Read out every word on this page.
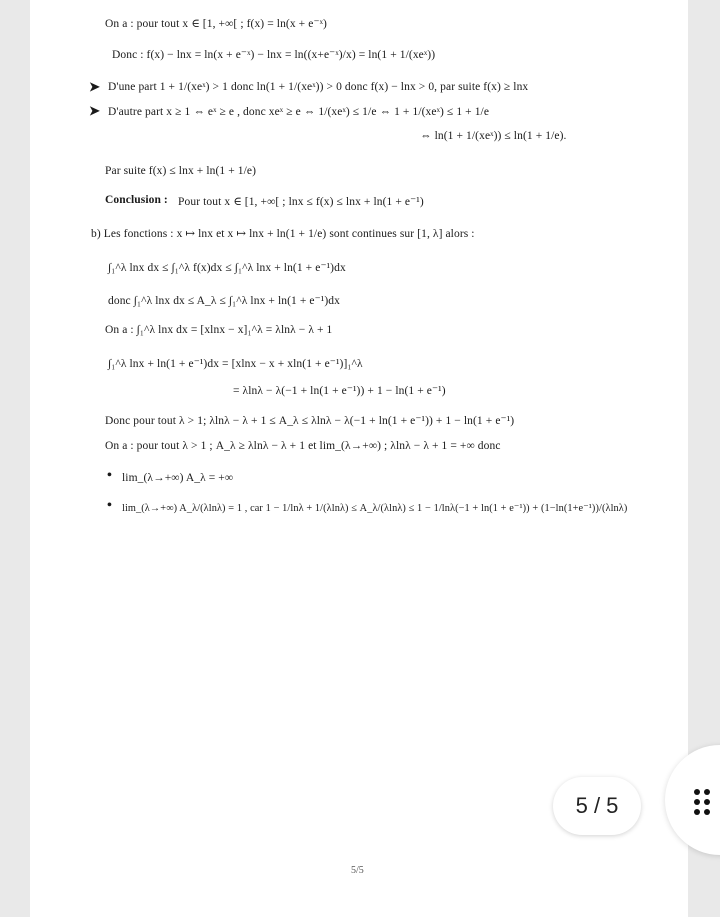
On a : pour tout x ∈ [1, +∞[ ; f(x) = ln(x + e⁻ˣ)
Donc : f(x) − lnx = ln(x + e⁻ˣ) − lnx = ln((x+e⁻ˣ)/x) = ln(1 + 1/(xeˣ))
➤ D'une part 1 + 1/(xeˣ) > 1 donc ln(1 + 1/(xeˣ)) > 0 donc f(x) − lnx > 0, par suite f(x) ≥ lnx
➤ D'autre part x ≥ 1 ⇔ eˣ ≥ e , donc xeˣ ≥ e ⇔ 1/(xeˣ) ≤ 1/e ⇔ 1 + 1/(xeˣ) ≤ 1 + 1/e
⇔ ln(1 + 1/(xeˣ)) ≤ ln(1 + 1/e).
Par suite f(x) ≤ lnx + ln(1 + 1/e)
Conclusion : Pour tout x ∈ [1, +∞[ ; lnx ≤ f(x) ≤ lnx + ln(1 + e⁻¹)
b) Les fonctions : x ↦ lnx et x ↦ lnx + ln(1 + 1/e) sont continues sur [1, λ] alors :
∫₁^λ lnx dx ≤ ∫₁^λ f(x)dx ≤ ∫₁^λ lnx + ln(1 + e⁻¹)dx
donc ∫₁^λ lnx dx ≤ A_λ ≤ ∫₁^λ lnx + ln(1 + e⁻¹)dx
On a : ∫₁^λ lnx dx = [xlnx − x]₁^λ = λlnλ − λ + 1
∫₁^λ lnx + ln(1 + e⁻¹)dx = [xlnx − x + xln(1 + e⁻¹)]₁^λ
= λlnλ − λ(−1 + ln(1 + e⁻¹)) + 1 − ln(1 + e⁻¹)
Donc pour tout λ > 1; λlnλ − λ + 1 ≤ A_λ ≤ λlnλ − λ(−1 + ln(1 + e⁻¹)) + 1 − ln(1 + e⁻¹)
On a : pour tout λ > 1 ; A_λ ≥ λlnλ − λ + 1 et lim_(λ→+∞) ; λlnλ − λ + 1 = +∞ donc
• lim_(λ→+∞) A_λ = +∞
• lim_(λ→+∞) A_λ/(λlnλ) = 1 , car 1 − 1/lnλ + 1/(λlnλ) ≤ A_λ/(λlnλ) ≤ 1 − 1/lnλ(−1 + ln(1 + e⁻¹)) + (1−ln(1+e⁻¹))/(λlnλ)
5/5
5 / 5
